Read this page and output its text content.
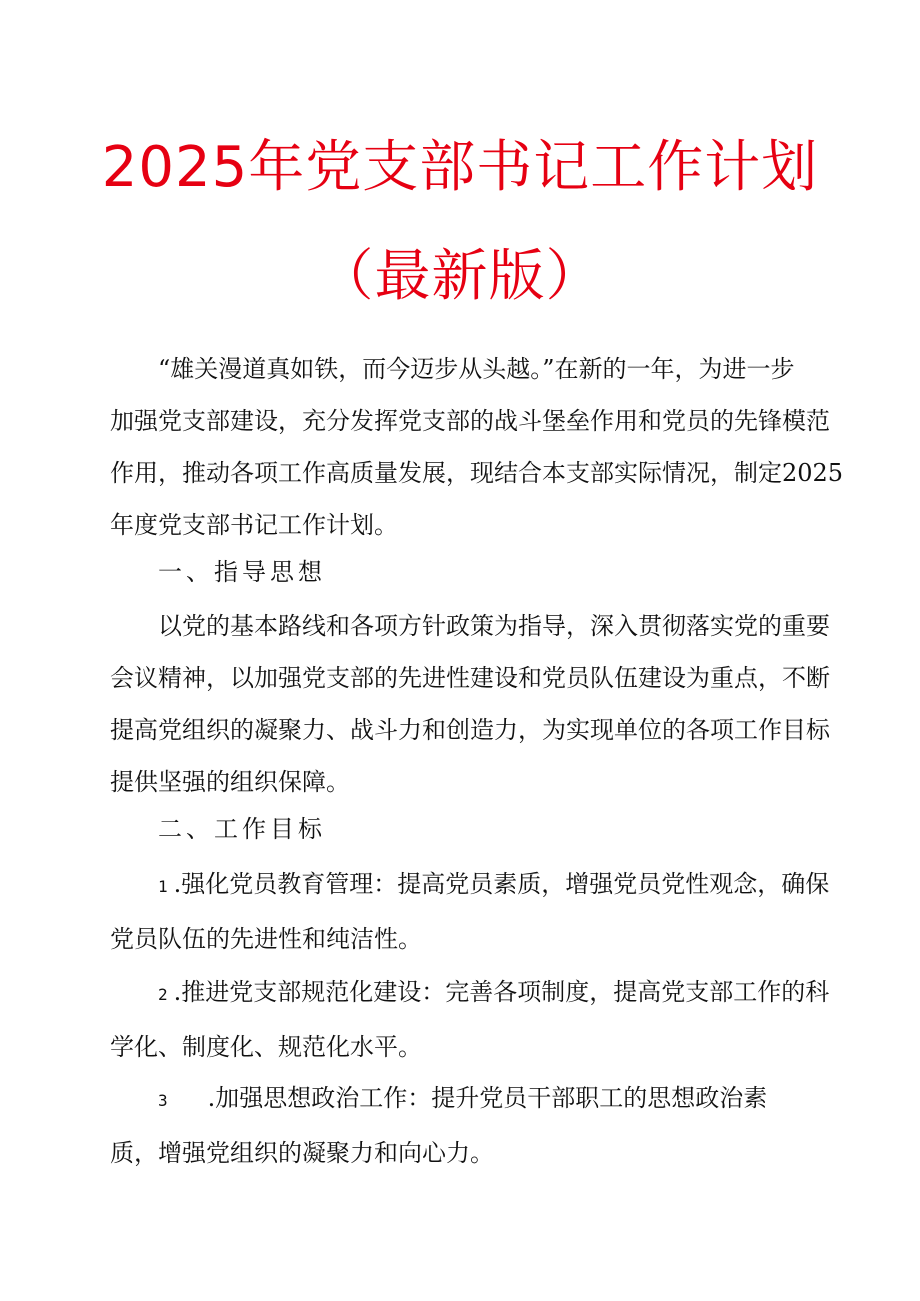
2025年党支部书记工作计划
（最新版）
“雄关漫道真如铁，而今迈步从头越。”在新的一年，为进一步
加强党支部建设，充分发挥党支部的战斗堡垒作用和党员的先锋模范
作用，推动各项工作高质量发展，现结合本支部实际情况，制定2025
年度党支部书记工作计划。
一、指导思想
以党的基本路线和各项方针政策为指导，深入贯彻落实党的重要
会议精神，以加强党支部的先进性建设和党员队伍建设为重点，不断
提高党组织的凝聚力、战斗力和创造力，为实现单位的各项工作目标
提供坚强的组织保障。
二、工作目标
1 .强化党员教育管理：提高党员素质，增强党员党性观念，确保
党员队伍的先进性和纯洁性。
2 .推进党支部规范化建设：完善各项制度，提高党支部工作的科
学化、制度化、规范化水平。
3 .加强思想政治工作：提升党员干部职工的思想政治素
质，增强党组织的凝聚力和向心力。
